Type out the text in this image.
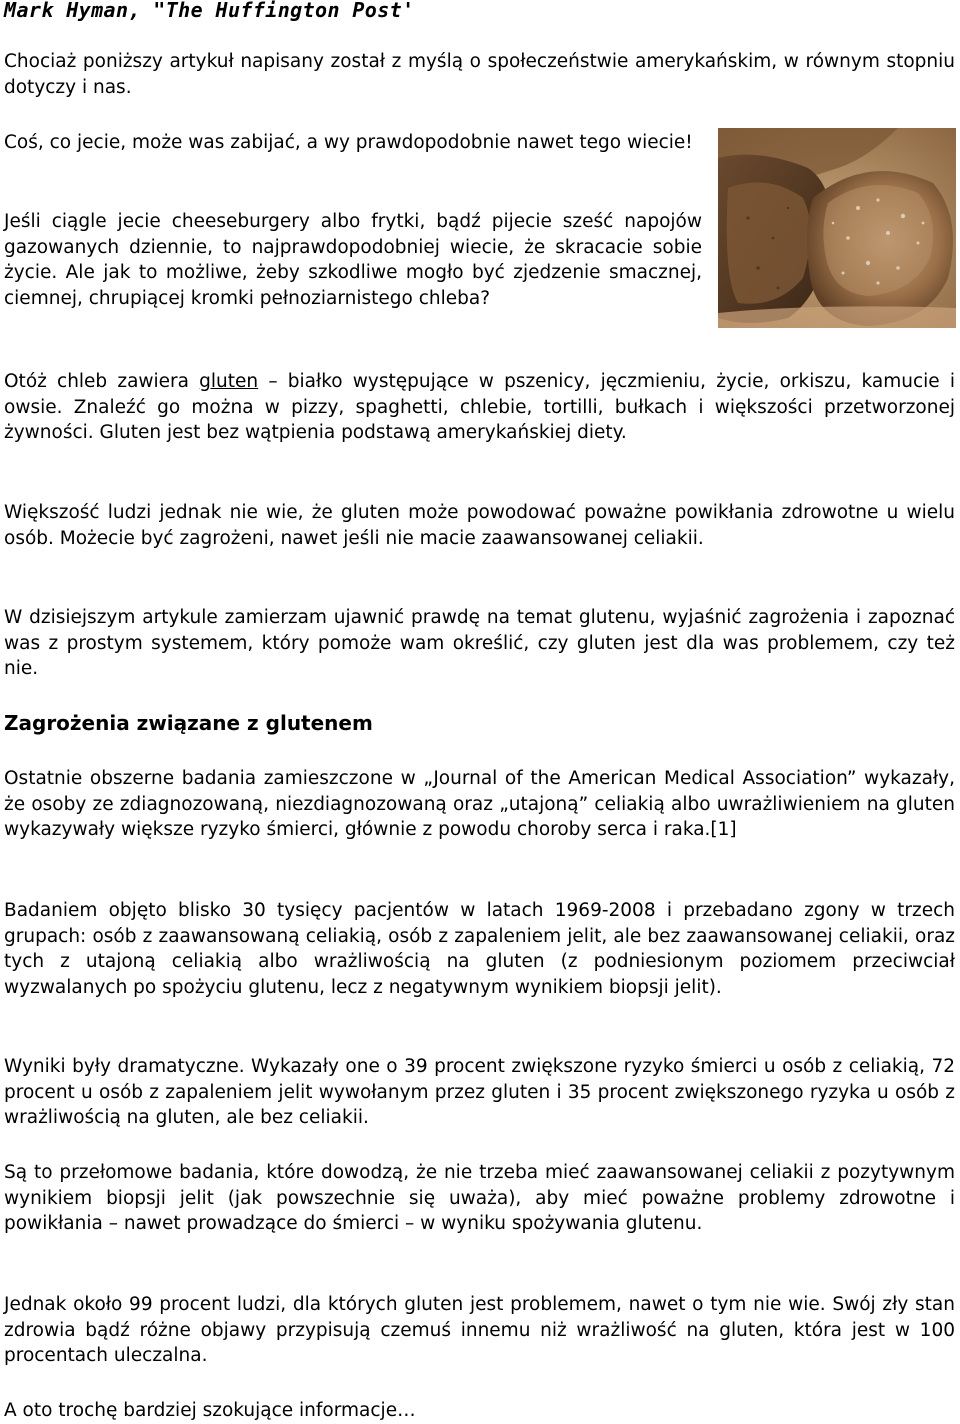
Mark Hyman, "The Huffington Post'

Chociaż poniższy artykuł napisany został z myślą o społeczeństwie amerykańskim, w równym stopniu dotyczy i nas.

Coś, co jecie, może was zabijać, a wy prawdopodobnie nawet tego wiecie!

Jeśli ciągle jecie cheeseburgery albo frytki, bądź pijecie sześć napojów gazowanych dziennie, to najprawdopodobniej wiecie, że skracacie sobie życie. Ale jak to możliwe, żeby szkodliwe mogło być zjedzenie smacznej, ciemnej, chrupiącej kromki pełnoziarnistego chleba?

Otóż chleb zawiera gluten – białko występujące w pszenicy, jęczmieniu, życie, orkiszu, kamucie i owsie. Znaleźć go można w pizzy, spaghetti, chlebie, tortilli, bułkach i większości przetworzonej żywności. Gluten jest bez wątpienia podstawą amerykańskiej diety.

Większość ludzi jednak nie wie, że gluten może powodować poważne powikłania zdrowotne u wielu osób. Możecie być zagrożeni, nawet jeśli nie macie zaawansowanej celiakii.

W dzisiejszym artykule zamierzam ujawnić prawdę na temat glutenu, wyjaśnić zagrożenia i zapoznać was z prostym systemem, który pomoże wam określić, czy gluten jest dla was problemem, czy też nie.

Zagrożenia związane z glutenem

Ostatnie obszerne badania zamieszczone w „Journal of the American Medical Association” wykazały, że osoby ze zdiagnozowaną, niezdiagnozowaną oraz „utajoną” celiakią albo uwrażliwieniem na gluten wykazywały większe ryzyko śmierci, głównie z powodu choroby serca i raka.[1]

Badaniem objęto blisko 30 tysięcy pacjentów w latach 1969-2008 i przebadano zgony w trzech grupach: osób z zaawansowaną celiakią, osób z zapaleniem jelit, ale bez zaawansowanej celiakii, oraz tych z utajoną celiakią albo wrażliwością na gluten (z podniesionym poziomem przeciwciał wyzwalanych po spożyciu glutenu, lecz z negatywnym wynikiem biopsji jelit).

Wyniki były dramatyczne. Wykazały one o 39 procent zwiększone ryzyko śmierci u osób z celiakią, 72 procent u osób z zapaleniem jelit wywołanym przez gluten i 35 procent zwiększonego ryzyka u osób z wrażliwością na gluten, ale bez celiakii.

Są to przełomowe badania, które dowodzą, że nie trzeba mieć zaawansowanej celiakii z pozytywnym wynikiem biopsji jelit (jak powszechnie się uważa), aby mieć poważne problemy zdrowotne i powikłania – nawet prowadzące do śmierci – w wyniku spożywania glutenu.

Jednak około 99 procent ludzi, dla których gluten jest problemem, nawet o tym nie wie. Swój zły stan zdrowia bądź różne objawy przypisują czemuś innemu niż wrażliwość na gluten, która jest w 100 procentach uleczalna.

A oto trochę bardziej szokujące informacje…
